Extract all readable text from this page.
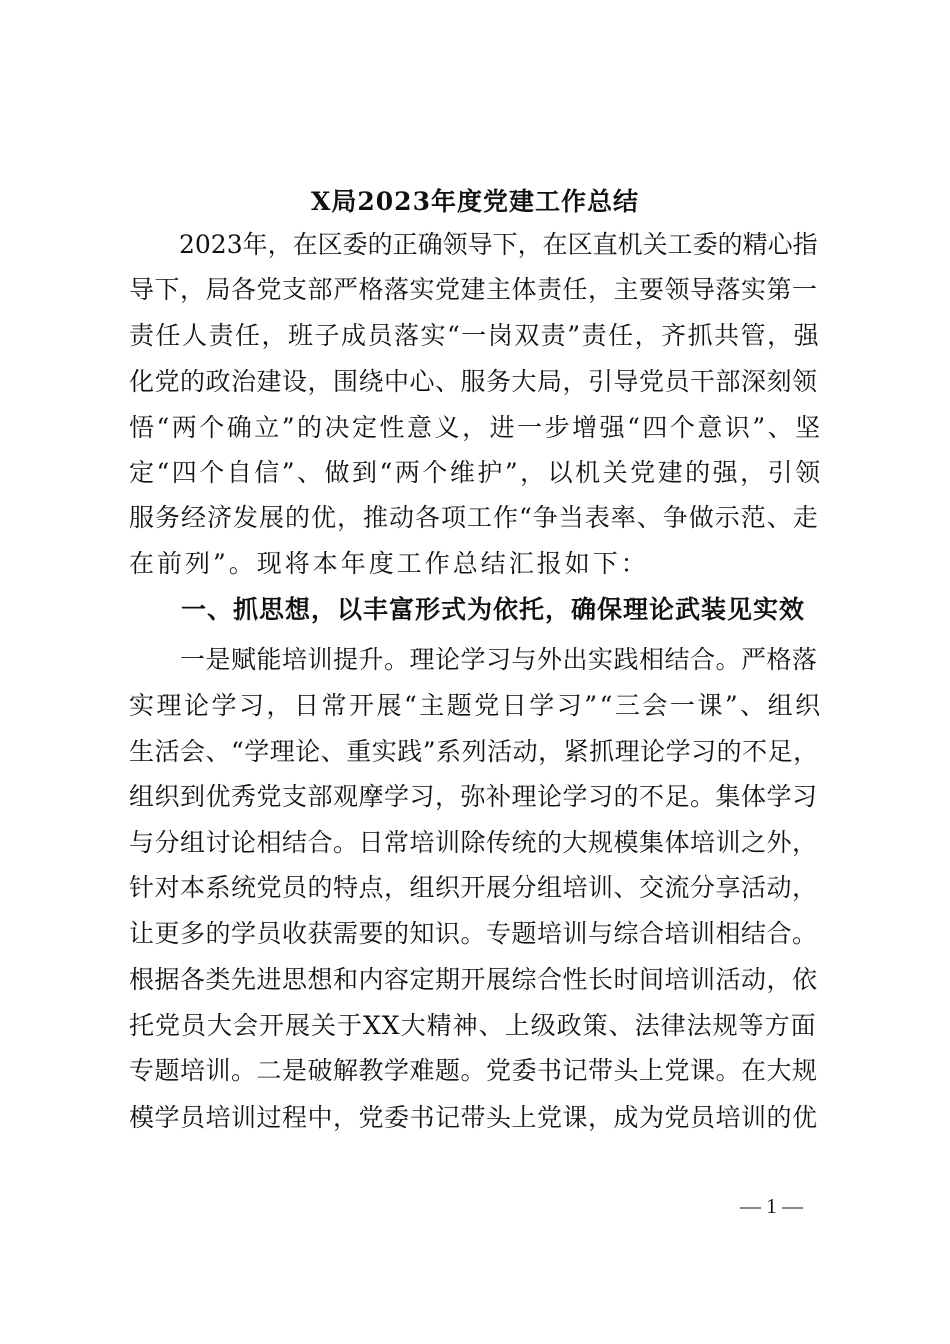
X局2023年度党建工作总结
　　2023年，在区委的正确领导下，在区直机关工委的精心指
导下，局各党支部严格落实党建主体责任，主要领导落实第一
责任人责任，班子成员落实“一岗双责”责任，齐抓共管，强
化党的政治建设，围绕中心、服务大局，引导党员干部深刻领
悟“两个确立”的决定性意义，进一步增强“四个意识”、坚
定“四个自信”、做到“两个维护”，以机关党建的强，引领
服务经济发展的优，推动各项工作“争当表率、争做示范、走
在前列”。现将本年度工作总结汇报如下：
　　一、抓思想，以丰富形式为依托，确保理论武装见实效
　　一是赋能培训提升。理论学习与外出实践相结合。严格落
实理论学习，日常开展“主题党日学习”“三会一课”、组织
生活会、“学理论、重实践”系列活动，紧抓理论学习的不足，
组织到优秀党支部观摩学习，弥补理论学习的不足。集体学习
与分组讨论相结合。日常培训除传统的大规模集体培训之外，
针对本系统党员的特点，组织开展分组培训、交流分享活动，
让更多的学员收获需要的知识。专题培训与综合培训相结合。
根据各类先进思想和内容定期开展综合性长时间培训活动，依
托党员大会开展关于XX大精神、上级政策、法律法规等方面
专题培训。二是破解教学难题。党委书记带头上党课。在大规
模学员培训过程中，党委书记带头上党课，成为党员培训的优
— 1 —
